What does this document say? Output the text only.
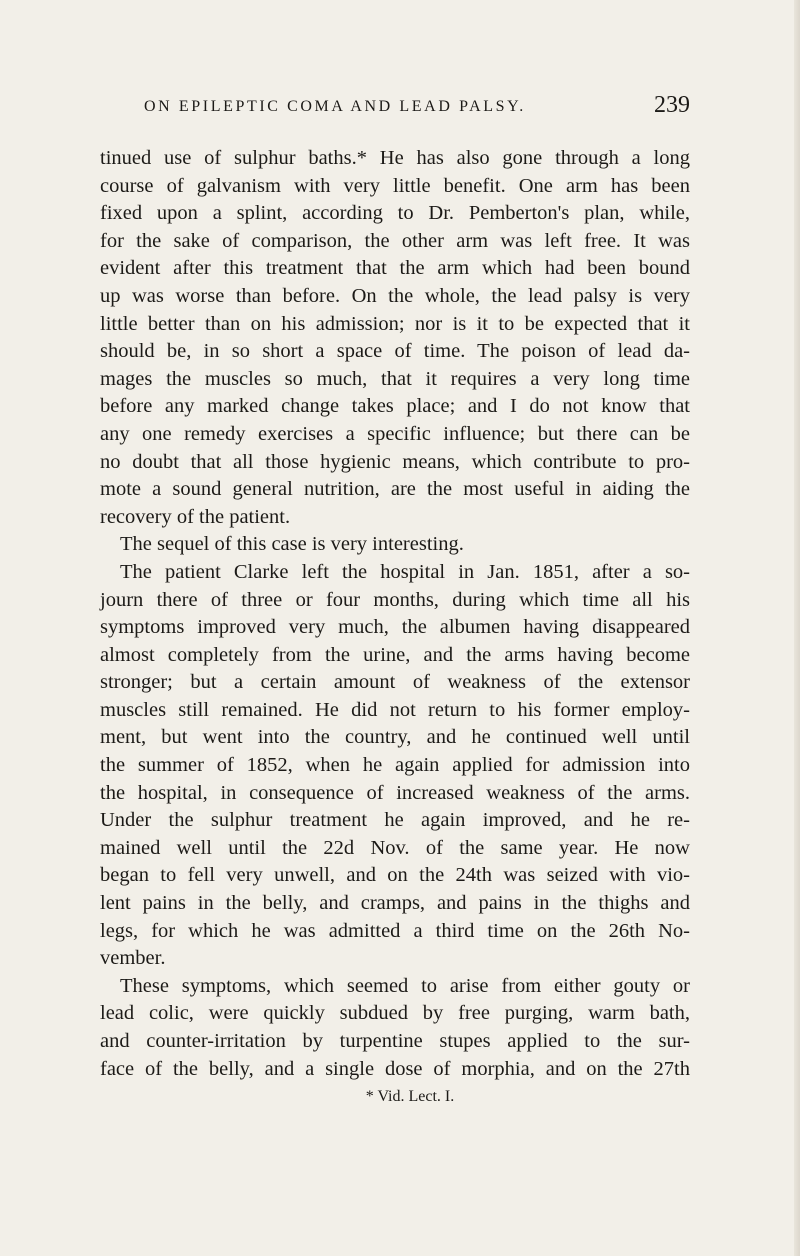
ON EPILEPTIC COMA AND LEAD PALSY.	239
tinued use of sulphur baths.* He has also gone through a long
course of galvanism with very little benefit. One arm has been
fixed upon a splint, according to Dr. Pemberton's plan, while,
for the sake of comparison, the other arm was left free. It was
evident after this treatment that the arm which had been bound
up was worse than before. On the whole, the lead palsy is very
little better than on his admission; nor is it to be expected that it
should be, in so short a space of time. The poison of lead da-
mages the muscles so much, that it requires a very long time
before any marked change takes place; and I do not know that
any one remedy exercises a specific influence; but there can be
no doubt that all those hygienic means, which contribute to pro-
mote a sound general nutrition, are the most useful in aiding the
recovery of the patient.
The sequel of this case is very interesting.
The patient Clarke left the hospital in Jan. 1851, after a so-
journ there of three or four months, during which time all his
symptoms improved very much, the albumen having disappeared
almost completely from the urine, and the arms having become
stronger; but a certain amount of weakness of the extensor
muscles still remained. He did not return to his former employ-
ment, but went into the country, and he continued well until
the summer of 1852, when he again applied for admission into
the hospital, in consequence of increased weakness of the arms.
Under the sulphur treatment he again improved, and he re-
mained well until the 22d Nov. of the same year. He now
began to fell very unwell, and on the 24th was seized with vio-
lent pains in the belly, and cramps, and pains in the thighs and
legs, for which he was admitted a third time on the 26th No-
vember.
These symptoms, which seemed to arise from either gouty or
lead colic, were quickly subdued by free purging, warm bath,
and counter-irritation by turpentine stupes applied to the sur-
face of the belly, and a single dose of morphia, and on the 27th
* Vid. Lect. I.
